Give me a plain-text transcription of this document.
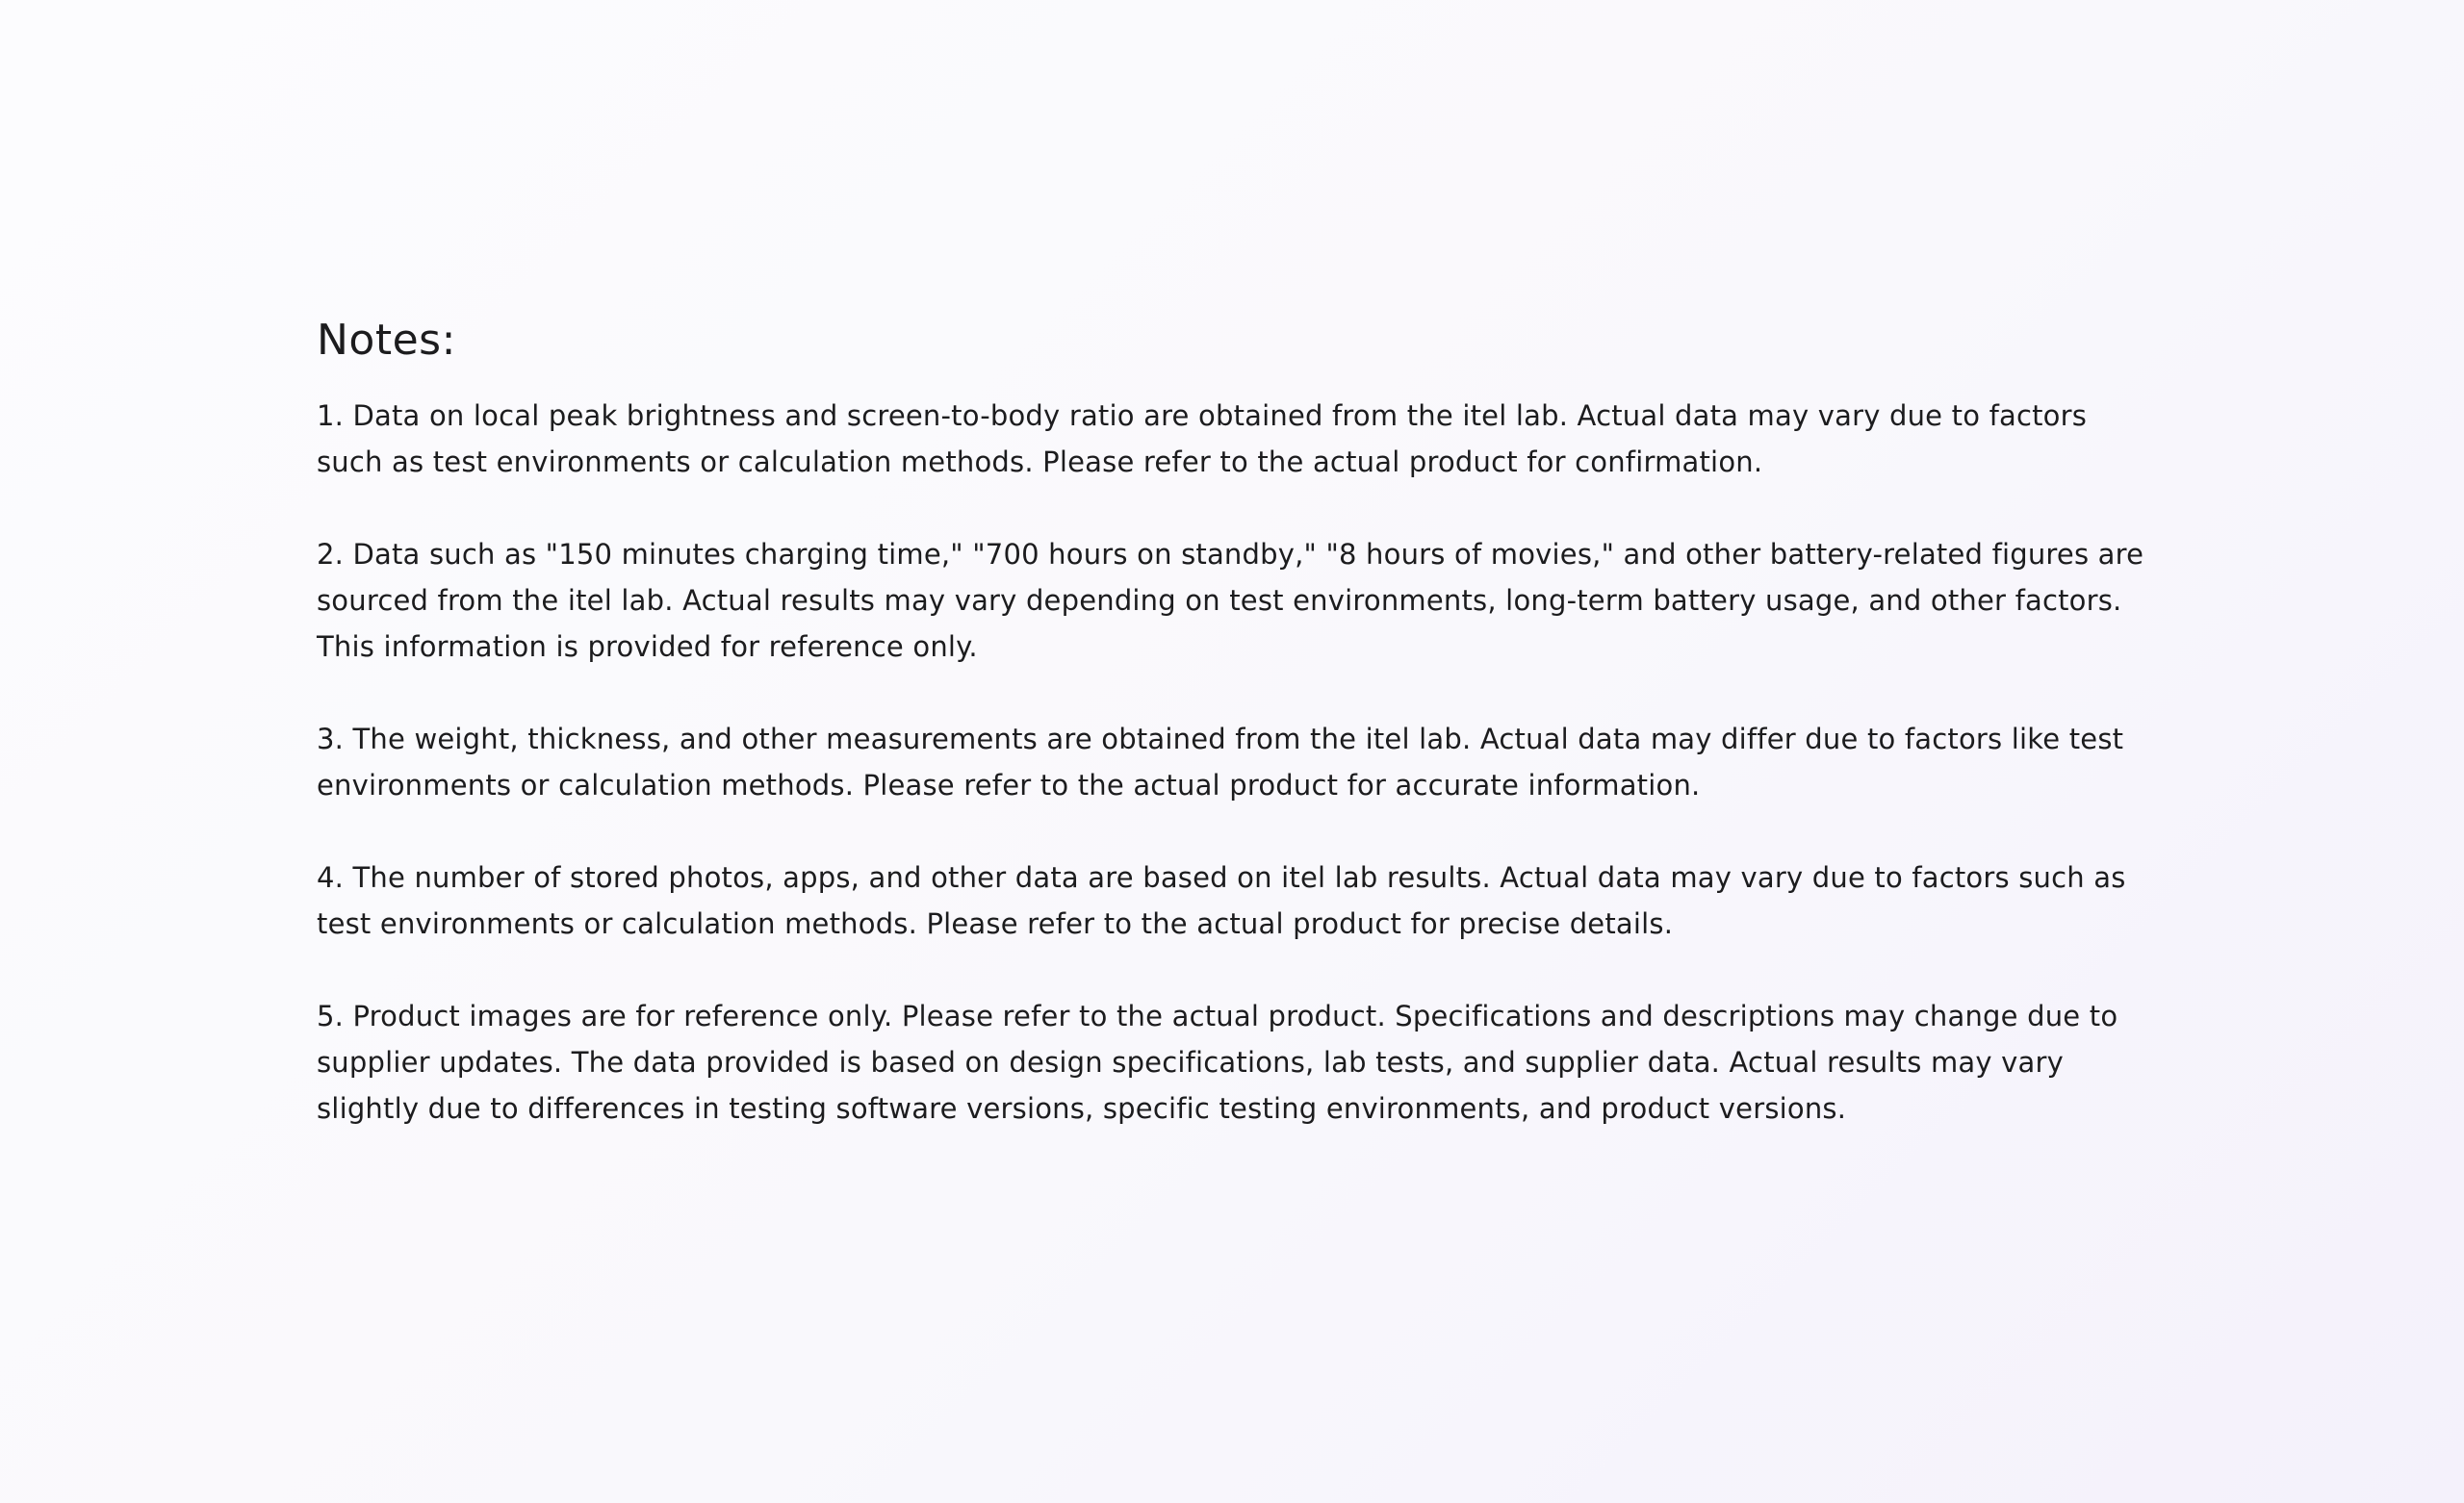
Notes:
1. Data on local peak brightness and screen-to-body ratio are obtained from the itel lab. Actual data may vary due to factors such as test environments or calculation methods. Please refer to the actual product for confirmation.
2. Data such as "150 minutes charging time," "700 hours on standby," "8 hours of movies," and other battery-related figures are sourced from the itel lab. Actual results may vary depending on test environments, long-term battery usage, and other factors. This information is provided for reference only.
3. The weight, thickness, and other measurements are obtained from the itel lab. Actual data may differ due to factors like test environments or calculation methods. Please refer to the actual product for accurate information.
4. The number of stored photos, apps, and other data are based on itel lab results. Actual data may vary due to factors such as test environments or calculation methods. Please refer to the actual product for precise details.
5. Product images are for reference only. Please refer to the actual product. Specifications and descriptions may change due to supplier updates. The data provided is based on design specifications, lab tests, and supplier data. Actual results may vary slightly due to differences in testing software versions, specific testing environments, and product versions.
